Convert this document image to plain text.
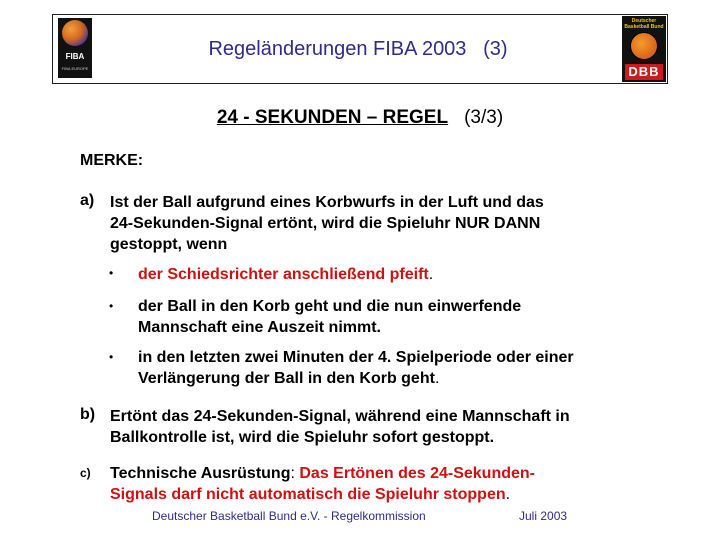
FIBA
FIBA EUROPE
Regeländerungen FIBA 2003   (3)
Deutscher Basketball Bund
DBB
24 - SEKUNDEN – REGEL (3/3)
MERKE:
a) Ist der Ball aufgrund eines Korbwurfs in der Luft und das
24-Sekunden-Signal ertönt, wird die Spieluhr NUR DANN
gestoppt, wenn
• der Schiedsrichter anschließend pfeift.
• der Ball in den Korb geht und die nun einwerfende
Mannschaft eine Auszeit nimmt.
• in den letzten zwei Minuten der 4. Spielperiode oder einer
Verlängerung der Ball in den Korb geht.
b) Ertönt das 24-Sekunden-Signal, während eine Mannschaft in
Ballkontrolle ist, wird die Spieluhr sofort gestoppt.
c) Technische Ausrüstung: Das Ertönen des 24-Sekunden-
Signals darf nicht automatisch die Spieluhr stoppen.
Deutscher Basketball Bund e.V. - Regelkommission	Juli 2003
